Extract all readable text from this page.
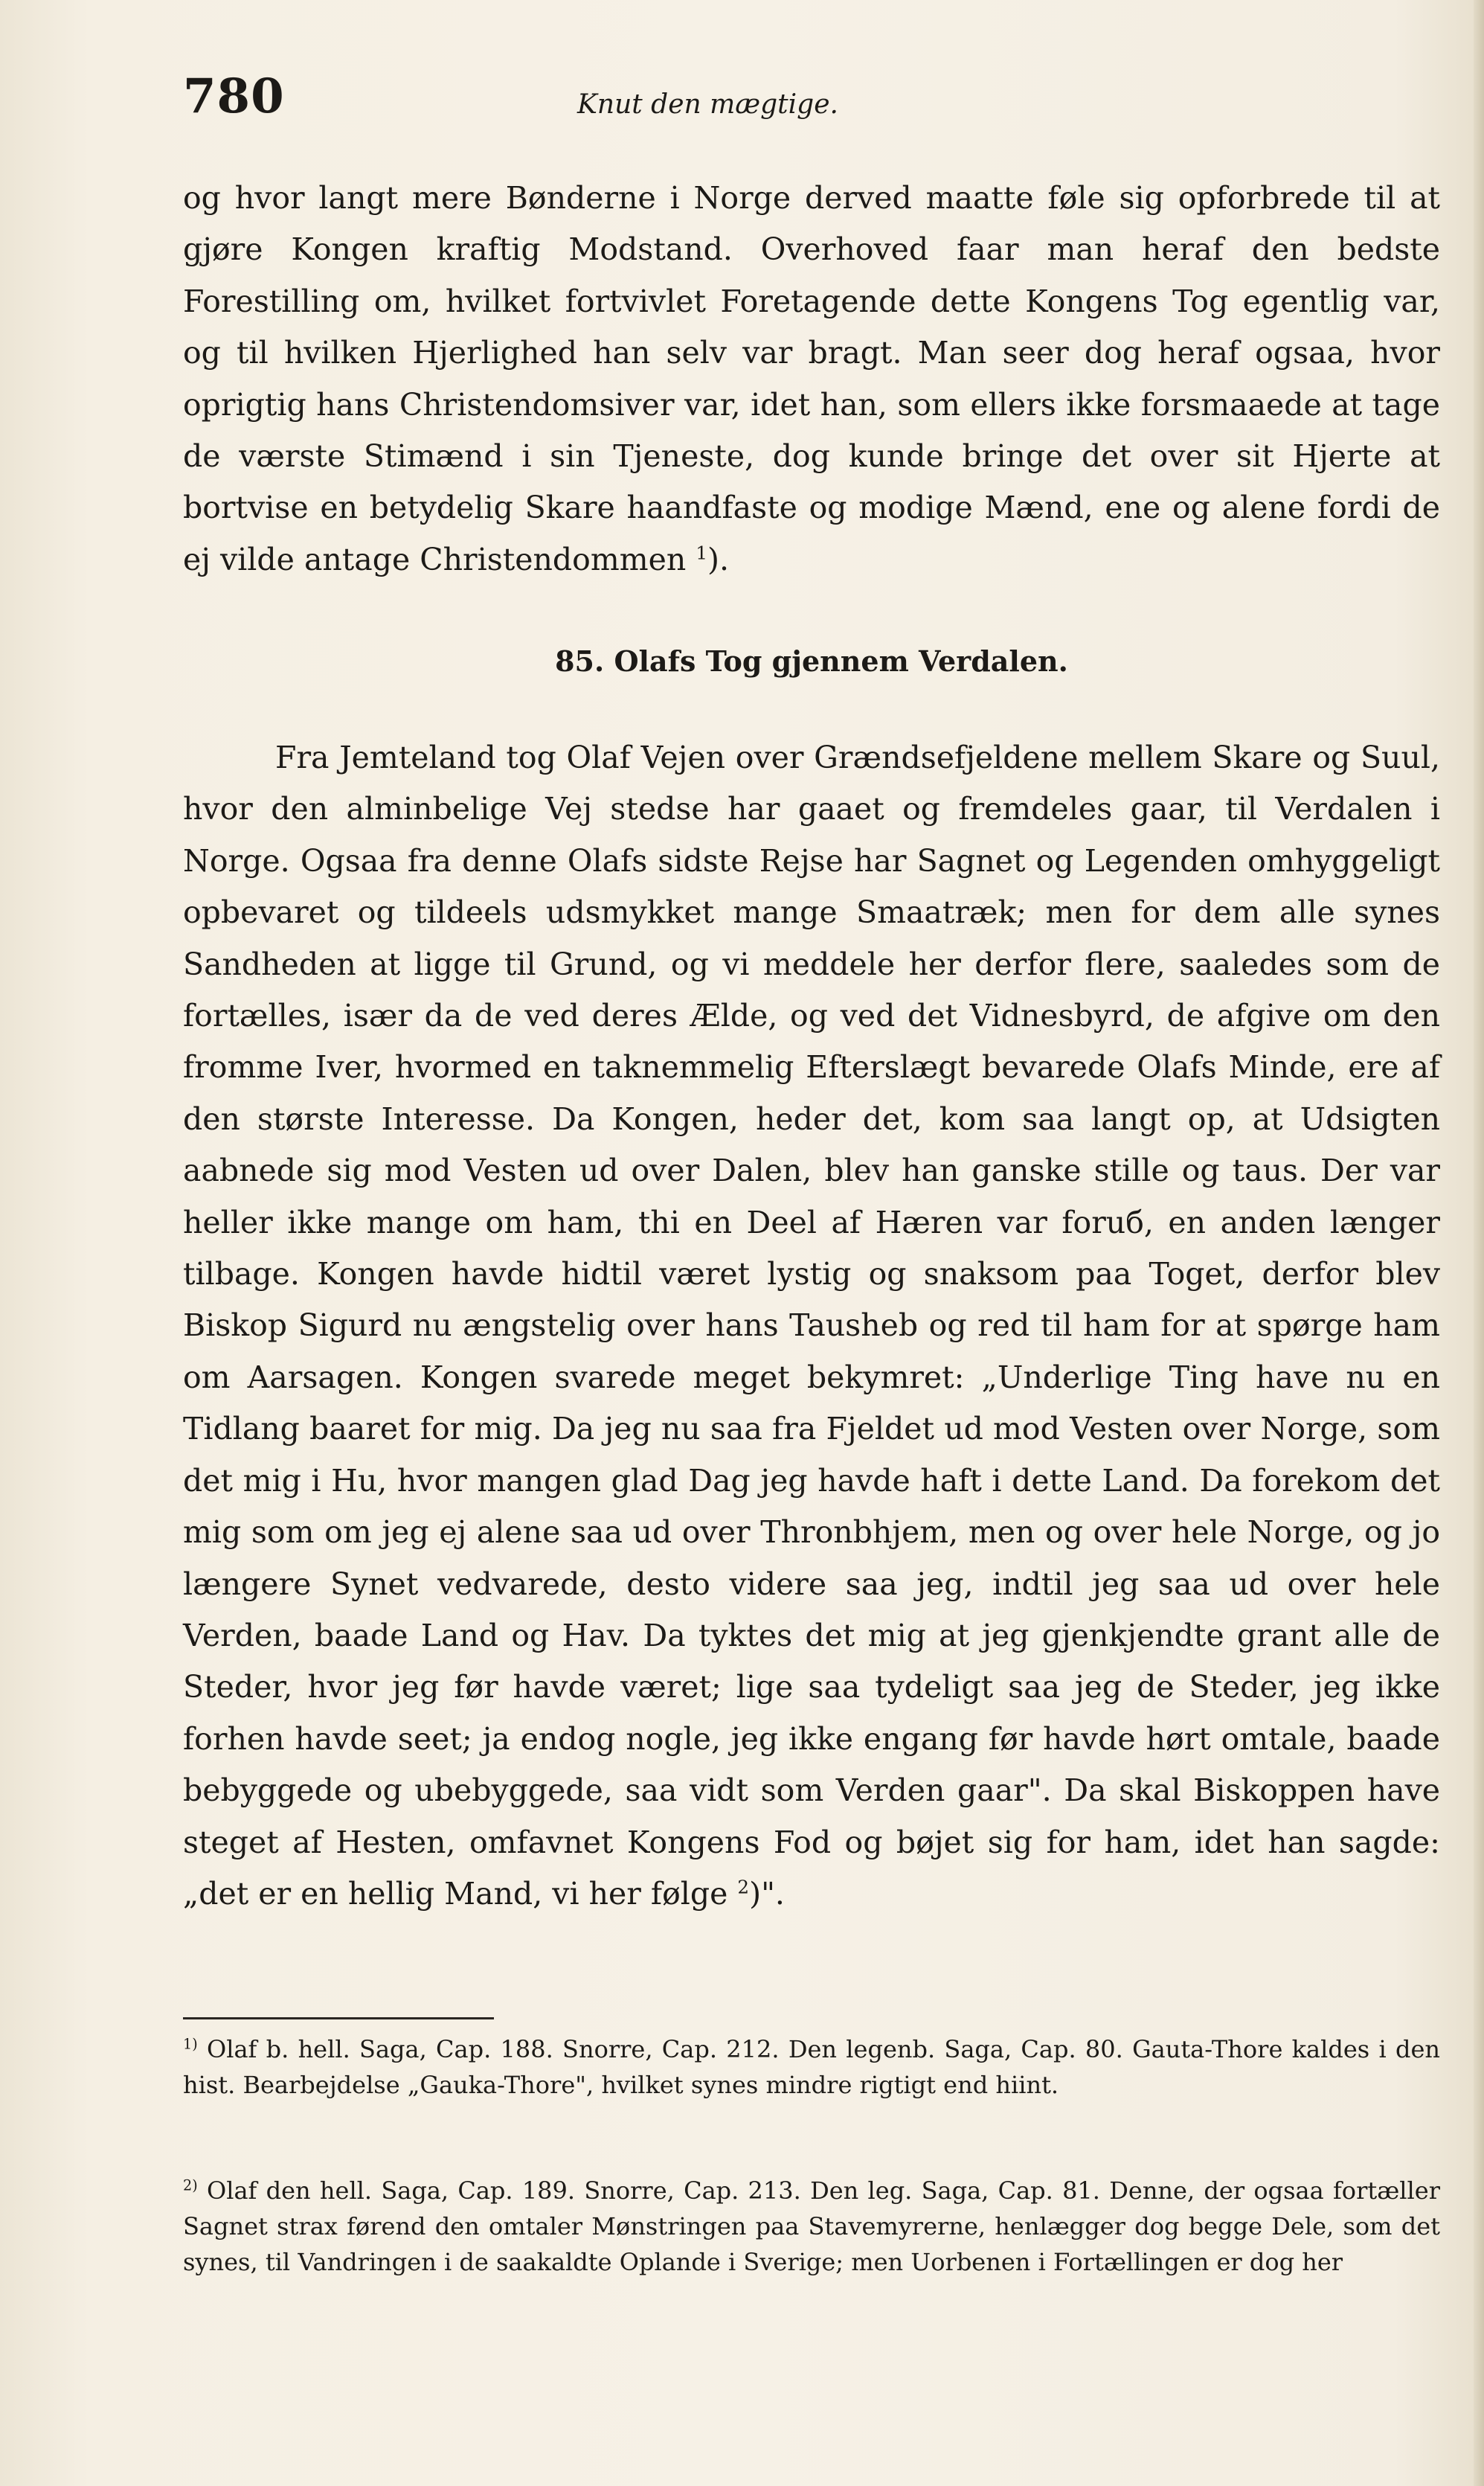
780	Knut den mægtige.

og hvor langt mere Bønderne i Norge derved maatte føle sig opforbrede til at gjøre Kongen kraftig Modstand. Overhoved faar man heraf den bedste Forestilling om, hvilket fortvivlet Foretagende dette Kongens Tog egentlig var, og til hvilken Hjerlighed han selv var bragt. Man seer dog heraf ogsaa, hvor oprigtig hans Christendomsiver var, idet han, som ellers ikke forsmaaede at tage de værste Stimænd i sin Tjeneste, dog kunde bringe det over sit Hjerte at bortvise en betydelig Skare haandfaste og modige Mænd, ene og alene fordi de ej vilde antage Christendommen $^1$).

85. Olafs Tog gjennem Verdalen.

Fra Jemteland tog Olaf Vejen over Grændsefjeldene mellem Skare og Suul, hvor den alminbelige Vej stedse har gaaet og fremdeles gaar, til Verdalen i Norge. Ogsaa fra denne Olafs sidste Rejse har Sagnet og Legenden omhyggeligt opbevaret og tildeels udsmykket mange Smaatræk; men for dem alle synes Sandheden at ligge til Grund, og vi meddele her derfor flere, saaledes som de fortælles, især da de ved deres Ælde, og ved det Vidnesbyrd, de afgive om den fromme Iver, hvormed en taknemmelig Efterslægt bevarede Olafs Minde, ere af den største Interesse. Da Kongen, heder det, kom saa langt op, at Udsigten aabnede sig mod Vesten ud over Dalen, blev han ganske stille og taus. Der var heller ikke mange om ham, thi en Deel af Hæren var foruб, en anden længer tilbage. Kongen havde hidtil været lystig og snaksom paa Toget, derfor blev Biskop Sigurd nu ængstelig over hans Tausheb og red til ham for at spørge ham om Aarsagen. Kongen svarede meget bekymret: „Underlige Ting have nu en Tidlang baaret for mig. Da jeg nu saa fra Fjeldet ud mod Vesten over Norge, som det mig i Hu, hvor mangen glad Dag jeg havde haft i dette Land. Da forekom det mig som om jeg ej alene saa ud over Thronbhjem, men og over hele Norge, og jo længere Synet vedvarede, desto videre saa jeg, indtil jeg saa ud over hele Verden, baade Land og Hav. Da tyktes det mig at jeg gjenkjendte grant alle de Steder, hvor jeg før havde været; lige saa tydeligt saa jeg de Steder, jeg ikke forhen havde seet; ja endog nogle, jeg ikke engang før havde hørt omtale, baade bebyggede og ubebyggede, saa vidt som Verden gaar". Da skal Biskoppen have steget af Hesten, omfavnet Kongens Fod og bøjet sig for ham, idet han sagde: „det er en hellig Mand, vi her følge $^2$)".

$^{1)}$ Olaf b. hell. Saga, Cap. 188. Snorre, Cap. 212. Den legenb. Saga, Cap. 80. Gauta-Thore kaldes i den hist. Bearbejdelse „Gauka-Thore", hvilket synes mindre rigtigt end hiint.

$^{2)}$ Olaf den hell. Saga, Cap. 189. Snorre, Cap. 213. Den leg. Saga, Cap. 81. Denne, der ogsaa fortæller Sagnet strax førend den omtaler Mønstringen paa Stavemyrerne, henlægger dog begge Dele, som det synes, til Vandringen i de saakaldte Oplande i Sverige; men Uorbenen i Fortællingen er dog her
